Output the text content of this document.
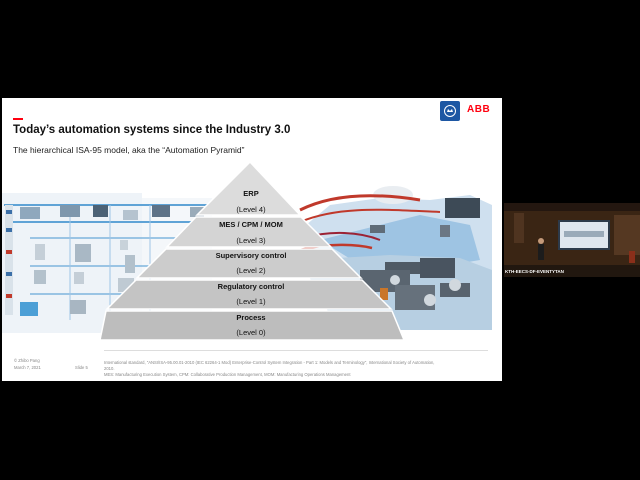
Today’s automation systems since the Industry 3.0
The hierarchical ISA-95 model, aka the “Automation Pyramid”
ABB
ERP
(Level 4)
MES / CPM / MOM
(Level 3)
Supervisory control
(Level 2)
Regulatory control
(Level 1)
Process
(Level 0)
© Zhibo Pang
March 7, 2021	Slide 5
International standard, “ANSI/ISA-95.00.01-2010 (IEC 62264-1 Mod) Enterprise-Control System Integration - Part 1: Models and Terminology”, International Society of Automation,
2010.
MES: Manufacturing Execution System, CPM: Collaborative Production Management, MOM: Manufacturing Operations Management
KTH-EECS-DF-EVENTYTAN
